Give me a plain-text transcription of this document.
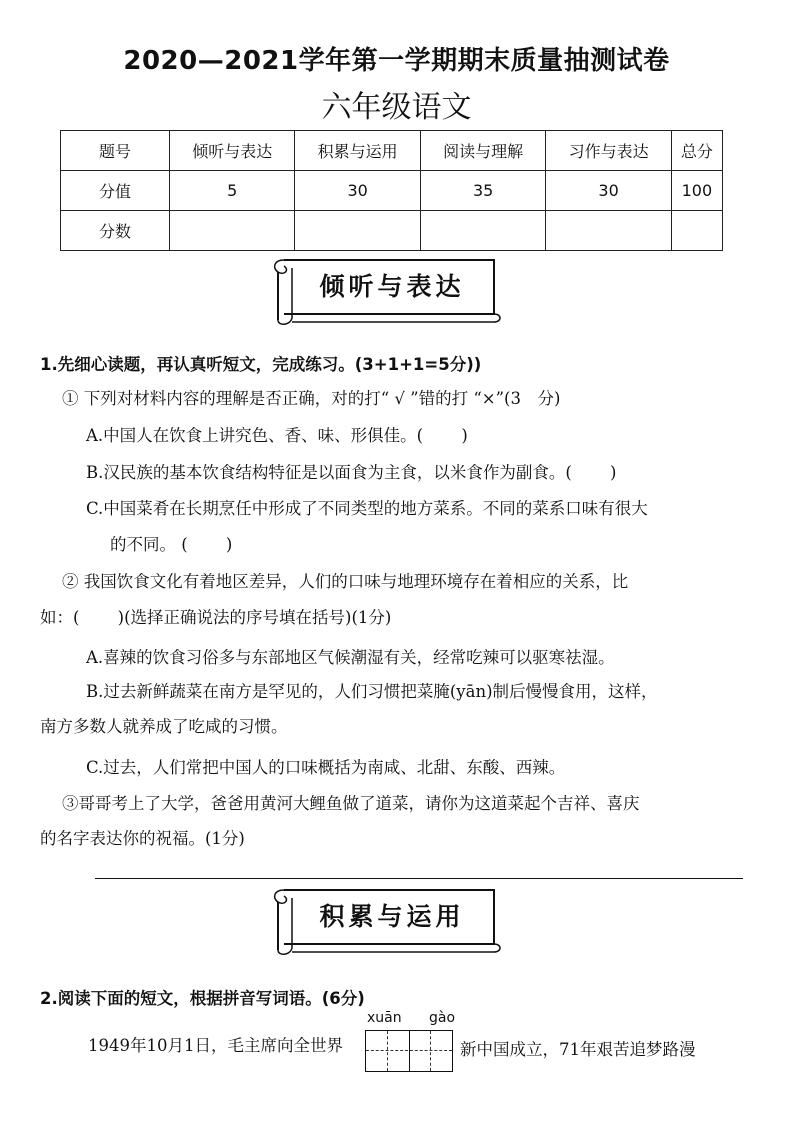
2020—2021学年第一学期期末质量抽测试卷
六年级语文
题号	倾听与表达	积累与运用	阅读与理解	习作与表达	总分
分值	5	30	35	30	100
分数					
倾听与表达
1.先细心读题，再认真听短文，完成练习。(3+1+1=5分))
① 下列对材料内容的理解是否正确，对的打“ √ ”错的打 “×”(3　分)
A.中国人在饮食上讲究色、香、味、形俱佳。(　　 )
B.汉民族的基本饮食结构特征是以面食为主食，以米食作为副食。(　　 )
C.中国菜肴在长期烹任中形成了不同类型的地方菜系。不同的菜系口味有很大
的不同。 (　　 )
② 我国饮食文化有着地区差异，人们的口味与地理环境存在着相应的关系，比
如：(　　 )(选择正确说法的序号填在括号)(1分)
A.喜辣的饮食习俗多与东部地区气候潮湿有关，经常吃辣可以驱寒祛湿。
B.过去新鲜蔬菜在南方是罕见的，人们习惯把菜腌(yān)制后慢慢食用，这样，
南方多数人就养成了吃咸的习惯。
C.过去，人们常把中国人的口味概括为南咸、北甜、东酸、西辣。
③哥哥考上了大学，爸爸用黄河大鲤鱼做了道菜，请你为这道菜起个吉祥、喜庆
的名字表达你的祝福。(1分)
积累与运用
2.阅读下面的短文，根据拼音写词语。(6分)
xuān gào
1949年10月1日，毛主席向全世界	新中国成立，71年艰苦追梦路漫
